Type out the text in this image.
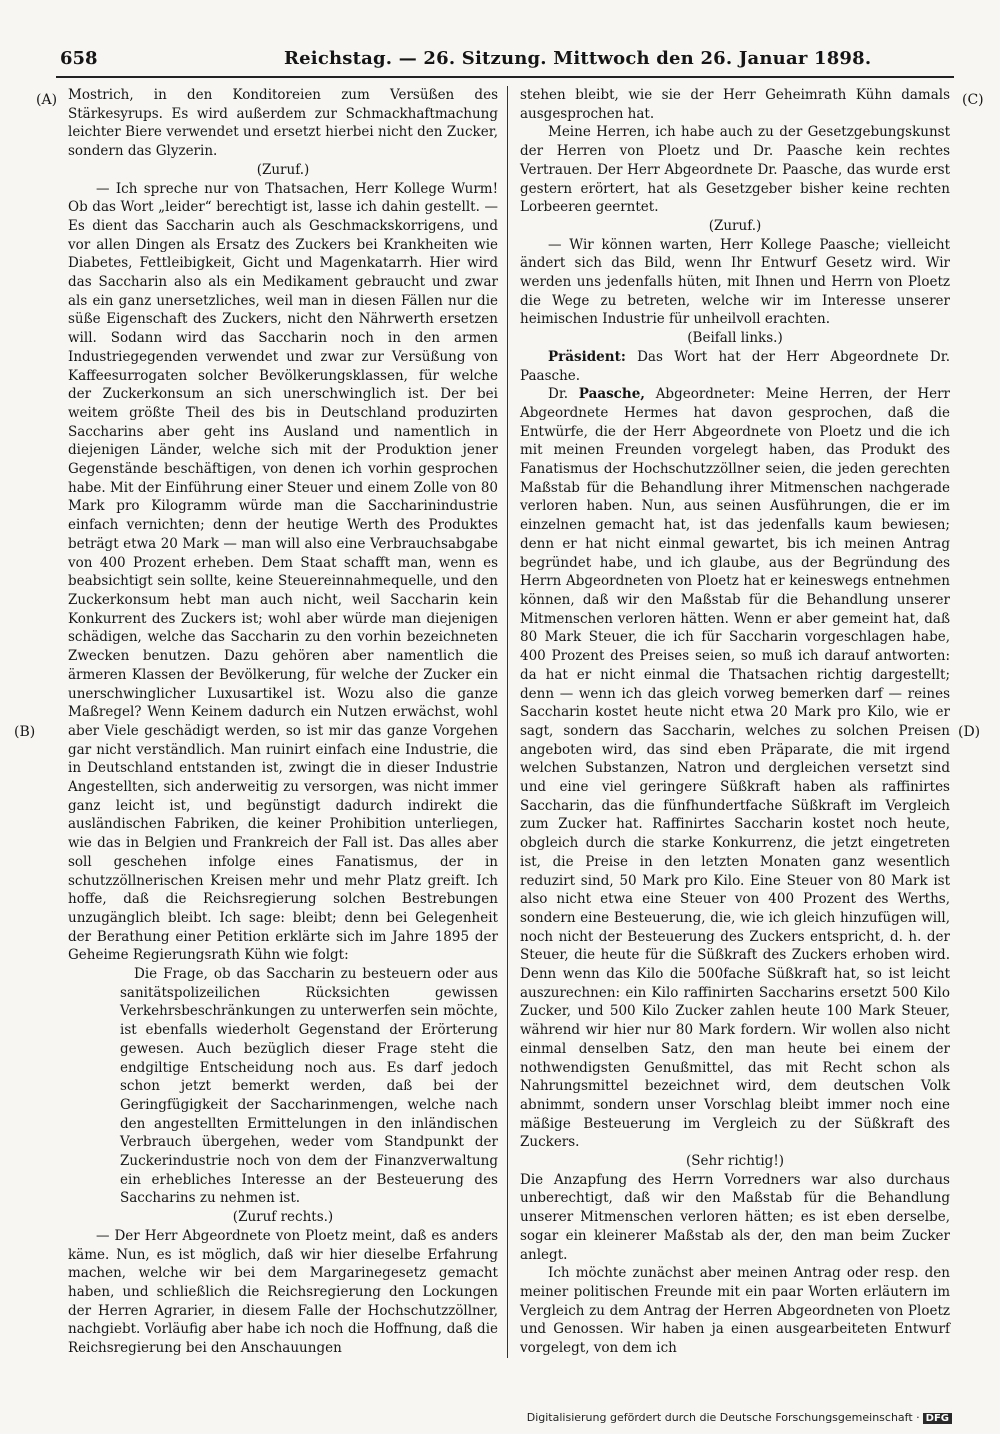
658	Reichstag. — 26. Sitzung. Mittwoch den 26. Januar 1898.
(A)
(B)
(C)
(D)

Mostrich, in den Konditoreien zum Versüßen des Stärkesyrups. Es wird außerdem zur Schmackhaftmachung leichter Biere verwendet und ersetzt hierbei nicht den Zucker, sondern das Glyzerin.

(Zuruf.)

— Ich spreche nur von Thatsachen, Herr Kollege Wurm! Ob das Wort „leider“ berechtigt ist, lasse ich dahin gestellt. — Es dient das Saccharin auch als Geschmackskorrigens, und vor allen Dingen als Ersatz des Zuckers bei Krankheiten wie Diabetes, Fettleibigkeit, Gicht und Magenkatarrh. Hier wird das Saccharin also als ein Medikament gebraucht und zwar als ein ganz unersetzliches, weil man in diesen Fällen nur die süße Eigenschaft des Zuckers, nicht den Nährwerth ersetzen will. Sodann wird das Saccharin noch in den armen Industriegegenden verwendet und zwar zur Versüßung von Kaffeesurrogaten solcher Bevölkerungsklassen, für welche der Zuckerkonsum an sich unerschwinglich ist. Der bei weitem größte Theil des bis in Deutschland produzirten Saccharins aber geht ins Ausland und namentlich in diejenigen Länder, welche sich mit der Produktion jener Gegenstände beschäftigen, von denen ich vorhin gesprochen habe. Mit der Einführung einer Steuer und einem Zolle von 80 Mark pro Kilogramm würde man die Saccharinindustrie einfach vernichten; denn der heutige Werth des Produktes beträgt etwa 20 Mark — man will also eine Verbrauchsabgabe von 400 Prozent erheben. Dem Staat schafft man, wenn es beabsichtigt sein sollte, keine Steuereinnahmequelle, und den Zuckerkonsum hebt man auch nicht, weil Saccharin kein Konkurrent des Zuckers ist; wohl aber würde man diejenigen schädigen, welche das Saccharin zu den vorhin bezeichneten Zwecken benutzen. Dazu gehören aber namentlich die ärmeren Klassen der Bevölkerung, für welche der Zucker ein unerschwinglicher Luxusartikel ist. Wozu also die ganze Maßregel? Wenn Keinem dadurch ein Nutzen erwächst, wohl aber Viele geschädigt werden, so ist mir das ganze Vorgehen gar nicht verständlich. Man ruinirt einfach eine Industrie, die in Deutschland entstanden ist, zwingt die in dieser Industrie Angestellten, sich anderweitig zu versorgen, was nicht immer ganz leicht ist, und begünstigt dadurch indirekt die ausländischen Fabriken, die keiner Prohibition unterliegen, wie das in Belgien und Frankreich der Fall ist. Das alles aber soll geschehen infolge eines Fanatismus, der in schutzzöllnerischen Kreisen mehr und mehr Platz greift. Ich hoffe, daß die Reichsregierung solchen Bestrebungen unzugänglich bleibt. Ich sage: bleibt; denn bei Gelegenheit der Berathung einer Petition erklärte sich im Jahre 1895 der Geheime Regierungsrath Kühn wie folgt:

Die Frage, ob das Saccharin zu besteuern oder aus sanitätspolizeilichen Rücksichten gewissen Verkehrsbeschränkungen zu unterwerfen sein möchte, ist ebenfalls wiederholt Gegenstand der Erörterung gewesen. Auch bezüglich dieser Frage steht die endgiltige Entscheidung noch aus. Es darf jedoch schon jetzt bemerkt werden, daß bei der Geringfügigkeit der Saccharinmengen, welche nach den angestellten Ermittelungen in den inländischen Verbrauch übergehen, weder vom Standpunkt der Zuckerindustrie noch von dem der Finanzverwaltung ein erhebliches Interesse an der Besteuerung des Saccharins zu nehmen ist.

(Zuruf rechts.)

— Der Herr Abgeordnete von Ploetz meint, daß es anders käme. Nun, es ist möglich, daß wir hier dieselbe Erfahrung machen, welche wir bei dem Margarinegesetz gemacht haben, und schließlich die Reichsregierung den Lockungen der Herren Agrarier, in diesem Falle der Hochschutzzöllner, nachgiebt. Vorläufig aber habe ich noch die Hoffnung, daß die Reichsregierung bei den Anschauungen

stehen bleibt, wie sie der Herr Geheimrath Kühn damals ausgesprochen hat.

Meine Herren, ich habe auch zu der Gesetzgebungskunst der Herren von Ploetz und Dr. Paasche kein rechtes Vertrauen. Der Herr Abgeordnete Dr. Paasche, das wurde erst gestern erörtert, hat als Gesetzgeber bisher keine rechten Lorbeeren geerntet.

(Zuruf.)

— Wir können warten, Herr Kollege Paasche; vielleicht ändert sich das Bild, wenn Ihr Entwurf Gesetz wird. Wir werden uns jedenfalls hüten, mit Ihnen und Herrn von Ploetz die Wege zu betreten, welche wir im Interesse unserer heimischen Industrie für unheilvoll erachten.

(Beifall links.)

Präsident: Das Wort hat der Herr Abgeordnete Dr. Paasche.

Dr. Paasche, Abgeordneter: Meine Herren, der Herr Abgeordnete Hermes hat davon gesprochen, daß die Entwürfe, die der Herr Abgeordnete von Ploetz und die ich mit meinen Freunden vorgelegt haben, das Produkt des Fanatismus der Hochschutzzöllner seien, die jeden gerechten Maßstab für die Behandlung ihrer Mitmenschen nachgerade verloren haben. Nun, aus seinen Ausführungen, die er im einzelnen gemacht hat, ist das jedenfalls kaum bewiesen; denn er hat nicht einmal gewartet, bis ich meinen Antrag begründet habe, und ich glaube, aus der Begründung des Herrn Abgeordneten von Ploetz hat er keineswegs entnehmen können, daß wir den Maßstab für die Behandlung unserer Mitmenschen verloren hätten. Wenn er aber gemeint hat, daß 80 Mark Steuer, die ich für Saccharin vorgeschlagen habe, 400 Prozent des Preises seien, so muß ich darauf antworten: da hat er nicht einmal die Thatsachen richtig dargestellt; denn — wenn ich das gleich vorweg bemerken darf — reines Saccharin kostet heute nicht etwa 20 Mark pro Kilo, wie er sagt, sondern das Saccharin, welches zu solchen Preisen angeboten wird, das sind eben Präparate, die mit irgend welchen Substanzen, Natron und dergleichen versetzt sind und eine viel geringere Süßkraft haben als raffinirtes Saccharin, das die fünfhundertfache Süßkraft im Vergleich zum Zucker hat. Raffinirtes Saccharin kostet noch heute, obgleich durch die starke Konkurrenz, die jetzt eingetreten ist, die Preise in den letzten Monaten ganz wesentlich reduzirt sind, 50 Mark pro Kilo. Eine Steuer von 80 Mark ist also nicht etwa eine Steuer von 400 Prozent des Werths, sondern eine Besteuerung, die, wie ich gleich hinzufügen will, noch nicht der Besteuerung des Zuckers entspricht, d. h. der Steuer, die heute für die Süßkraft des Zuckers erhoben wird. Denn wenn das Kilo die 500fache Süßkraft hat, so ist leicht auszurechnen: ein Kilo raffinirten Saccharins ersetzt 500 Kilo Zucker, und 500 Kilo Zucker zahlen heute 100 Mark Steuer, während wir hier nur 80 Mark fordern. Wir wollen also nicht einmal denselben Satz, den man heute bei einem der nothwendigsten Genußmittel, das mit Recht schon als Nahrungsmittel bezeichnet wird, dem deutschen Volk abnimmt, sondern unser Vorschlag bleibt immer noch eine mäßige Besteuerung im Vergleich zu der Süßkraft des Zuckers.

(Sehr richtig!)

Die Anzapfung des Herrn Vorredners war also durchaus unberechtigt, daß wir den Maßstab für die Behandlung unserer Mitmenschen verloren hätten; es ist eben derselbe, sogar ein kleinerer Maßstab als der, den man beim Zucker anlegt.

Ich möchte zunächst aber meinen Antrag oder resp. den meiner politischen Freunde mit ein paar Worten erläutern im Vergleich zu dem Antrag der Herren Abgeordneten von Ploetz und Genossen. Wir haben ja einen ausgearbeiteten Entwurf vorgelegt, von dem ich

Digitalisierung gefördert durch die Deutsche Forschungsgemeinschaft · DFG
